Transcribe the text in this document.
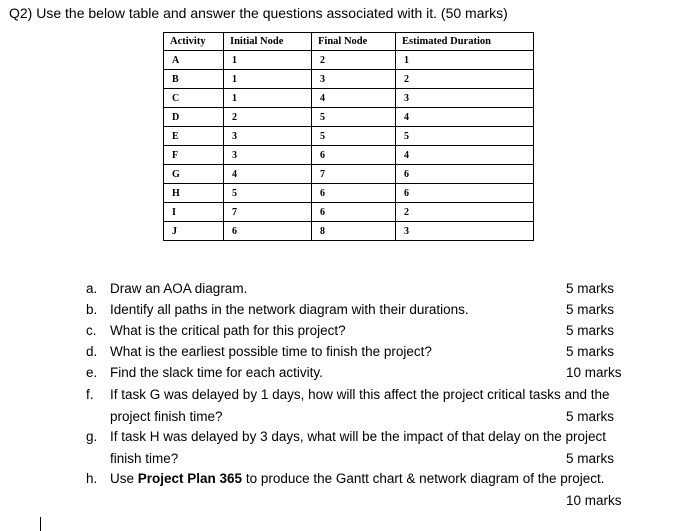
Q2) Use the below table and answer the questions associated with it. (50 marks)
Activity	Initial Node	Final Node	Estimated Duration
A	1	2	1
B	1	3	2
C	1	4	3
D	2	5	4
E	3	5	5
F	3	6	4
G	4	7	6
H	5	6	6
I	7	6	2
J	6	8	3
a. Draw an AOA diagram.	5 marks
b. Identify all paths in the network diagram with their durations.	5 marks
c. What is the critical path for this project?	5 marks
d. What is the earliest possible time to finish the project?	5 marks
e. Find the slack time for each activity.	10 marks
f. If task G was delayed by 1 days, how will this affect the project critical tasks and the
project finish time?	5 marks
g. If task H was delayed by 3 days, what will be the impact of that delay on the project
finish time?	5 marks
h. Use Project Plan 365 to produce the Gantt chart & network diagram of the project.
10 marks
